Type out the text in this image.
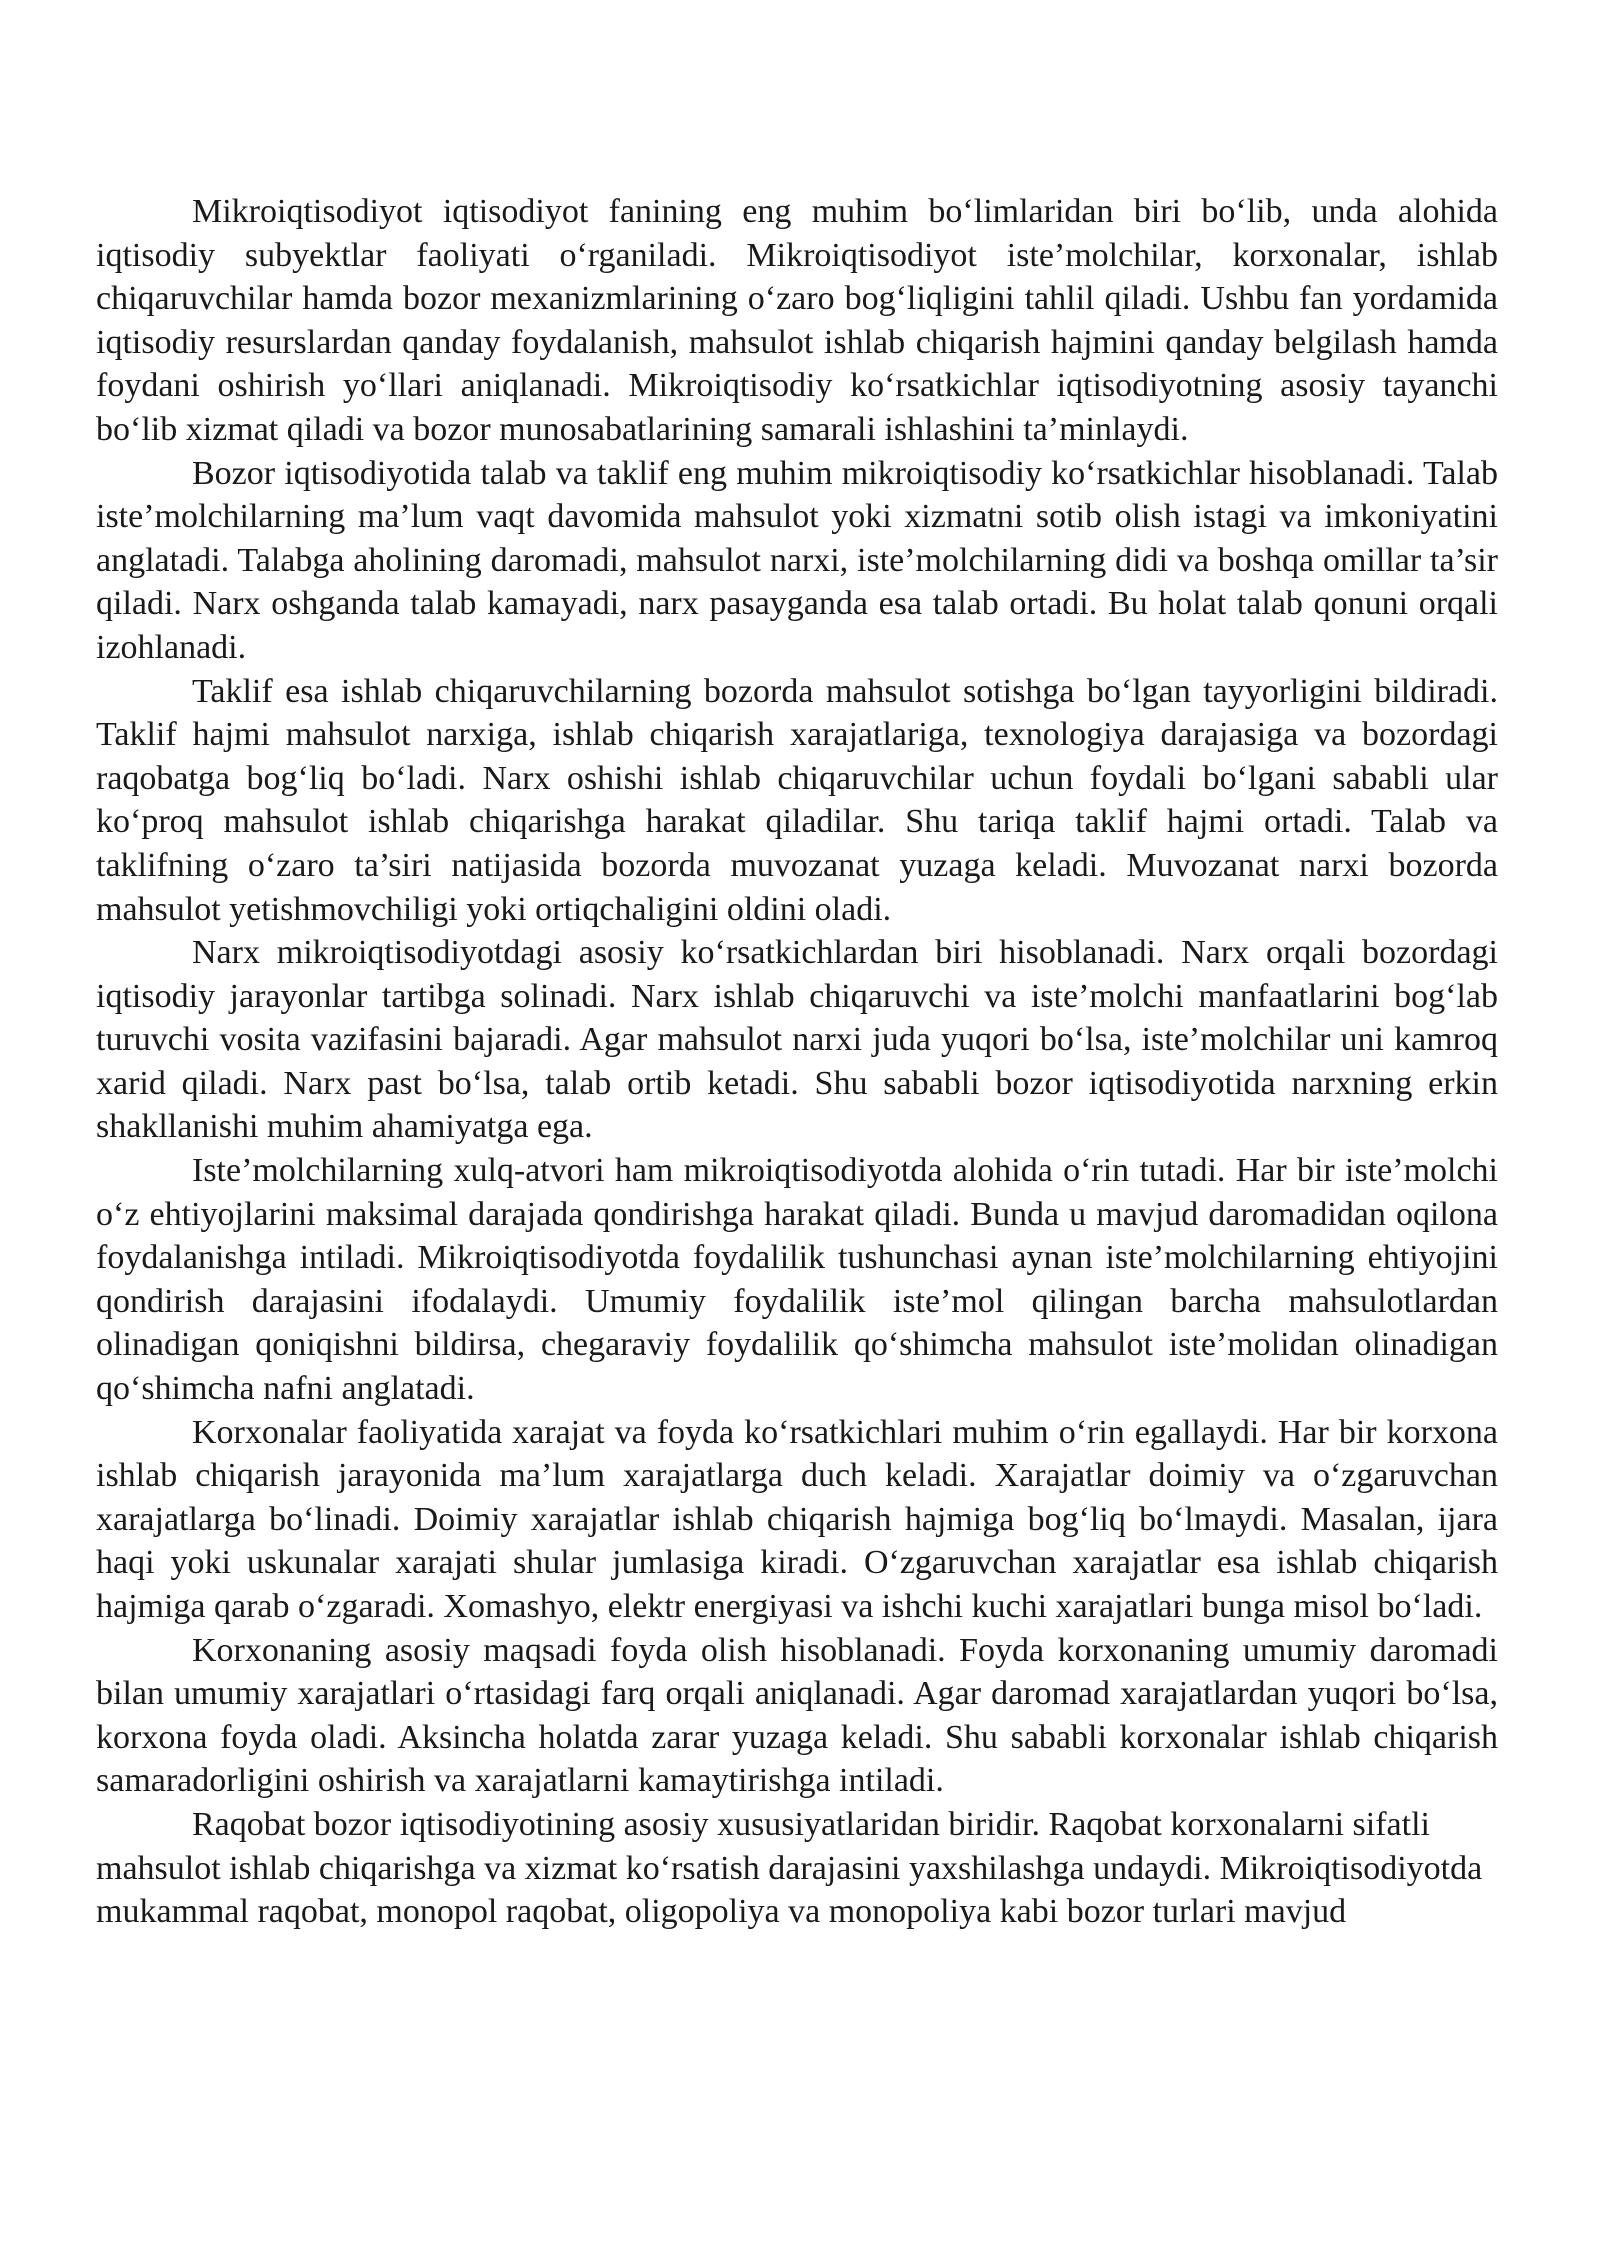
Mikroiqtisodiyot iqtisodiyot fanining eng muhim bo‘limlaridan biri bo‘lib, unda alohida iqtisodiy subyektlar faoliyati o‘rganiladi. Mikroiqtisodiyot iste’molchilar, korxonalar, ishlab chiqaruvchilar hamda bozor mexanizmlarining o‘zaro bog‘liqligini tahlil qiladi. Ushbu fan yordamida iqtisodiy resurslardan qanday foydalanish, mahsulot ishlab chiqarish hajmini qanday belgilash hamda foydani oshirish yo‘llari aniqlanadi. Mikroiqtisodiy ko‘rsatkichlar iqtisodiyotning asosiy tayanchi bo‘lib xizmat qiladi va bozor munosabatlarining samarali ishlashini ta’minlaydi.

Bozor iqtisodiyotida talab va taklif eng muhim mikroiqtisodiy ko‘rsatkichlar hisoblanadi. Talab iste’molchilarning ma’lum vaqt davomida mahsulot yoki xizmatni sotib olish istagi va imkoniyatini anglatadi. Talabga aholining daromadi, mahsulot narxi, iste’molchilarning didi va boshqa omillar ta’sir qiladi. Narx oshganda talab kamayadi, narx pasayganda esa talab ortadi. Bu holat talab qonuni orqali izohlanadi.

Taklif esa ishlab chiqaruvchilarning bozorda mahsulot sotishga bo‘lgan tayyorligini bildiradi. Taklif hajmi mahsulot narxiga, ishlab chiqarish xarajatlariga, texnologiya darajasiga va bozordagi raqobatga bog‘liq bo‘ladi. Narx oshishi ishlab chiqaruvchilar uchun foydali bo‘lgani sababli ular ko‘proq mahsulot ishlab chiqarishga harakat qiladilar. Shu tariqa taklif hajmi ortadi. Talab va taklifning o‘zaro ta’siri natijasida bozorda muvozanat yuzaga keladi. Muvozanat narxi bozorda mahsulot yetishmovchiligi yoki ortiqchaligini oldini oladi.

Narx mikroiqtisodiyotdagi asosiy ko‘rsatkichlardan biri hisoblanadi. Narx orqali bozordagi iqtisodiy jarayonlar tartibga solinadi. Narx ishlab chiqaruvchi va iste’molchi manfaatlarini bog‘lab turuvchi vosita vazifasini bajaradi. Agar mahsulot narxi juda yuqori bo‘lsa, iste’molchilar uni kamroq xarid qiladi. Narx past bo‘lsa, talab ortib ketadi. Shu sababli bozor iqtisodiyotida narxning erkin shakllanishi muhim ahamiyatga ega.

Iste’molchilarning xulq-atvori ham mikroiqtisodiyotda alohida o‘rin tutadi. Har bir iste’molchi o‘z ehtiyojlarini maksimal darajada qondirishga harakat qiladi. Bunda u mavjud daromadidan oqilona foydalanishga intiladi. Mikroiqtisodiyotda foydalilik tushunchasi aynan iste’molchilarning ehtiyojini qondirish darajasini ifodalaydi. Umumiy foydalilik iste’mol qilingan barcha mahsulotlardan olinadigan qoniqishni bildirsa, chegaraviy foydalilik qo‘shimcha mahsulot iste’molidan olinadigan qo‘shimcha nafni anglatadi.

Korxonalar faoliyatida xarajat va foyda ko‘rsatkichlari muhim o‘rin egallaydi. Har bir korxona ishlab chiqarish jarayonida ma’lum xarajatlarga duch keladi. Xarajatlar doimiy va o‘zgaruvchan xarajatlarga bo‘linadi. Doimiy xarajatlar ishlab chiqarish hajmiga bog‘liq bo‘lmaydi. Masalan, ijara haqi yoki uskunalar xarajati shular jumlasiga kiradi. O‘zgaruvchan xarajatlar esa ishlab chiqarish hajmiga qarab o‘zgaradi. Xomashyo, elektr energiyasi va ishchi kuchi xarajatlari bunga misol bo‘ladi.

Korxonaning asosiy maqsadi foyda olish hisoblanadi. Foyda korxonaning umumiy daromadi bilan umumiy xarajatlari o‘rtasidagi farq orqali aniqlanadi. Agar daromad xarajatlardan yuqori bo‘lsa, korxona foyda oladi. Aksincha holatda zarar yuzaga keladi. Shu sababli korxonalar ishlab chiqarish samaradorligini oshirish va xarajatlarni kamaytirishga intiladi.

Raqobat bozor iqtisodiyotining asosiy xususiyatlaridan biridir. Raqobat korxonalarni sifatli mahsulot ishlab chiqarishga va xizmat ko‘rsatish darajasini yaxshilashga undaydi. Mikroiqtisodiyotda mukammal raqobat, monopol raqobat, oligopoliya va monopoliya kabi bozor turlari mavjud
